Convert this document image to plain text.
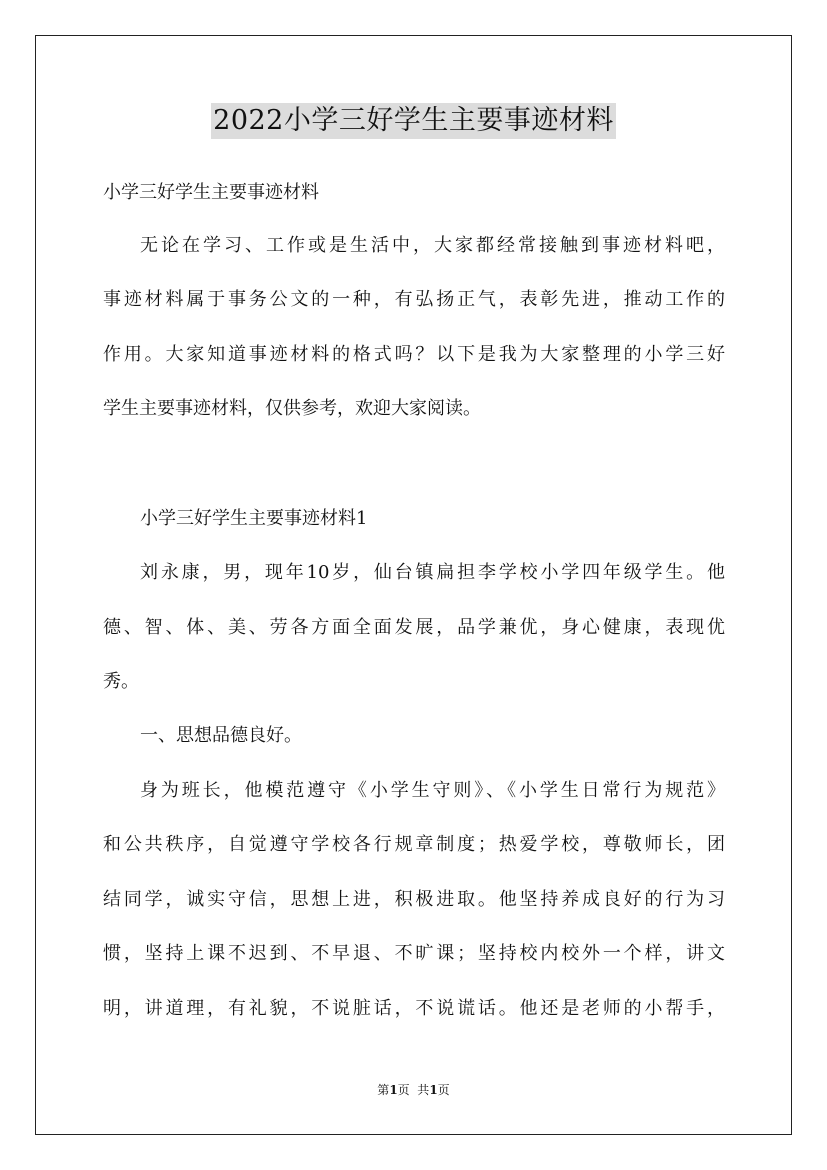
2022小学三好学生主要事迹材料
小学三好学生主要事迹材料
无论在学习、工作或是生活中，大家都经常接触到事迹材料吧，
事迹材料属于事务公文的一种，有弘扬正气，表彰先进，推动工作的
作用。大家知道事迹材料的格式吗？以下是我为大家整理的小学三好
学生主要事迹材料，仅供参考，欢迎大家阅读。
小学三好学生主要事迹材料1
刘永康，男，现年10岁，仙台镇扁担李学校小学四年级学生。他
德、智、体、美、劳各方面全面发展，品学兼优，身心健康，表现优
秀。
一、思想品德良好。
身为班长，他模范遵守《小学生守则》、《小学生日常行为规范》
和公共秩序，自觉遵守学校各行规章制度；热爱学校，尊敬师长，团
结同学，诚实守信，思想上进，积极进取。他坚持养成良好的行为习
惯，坚持上课不迟到、不早退、不旷课；坚持校内校外一个样，讲文
明，讲道理，有礼貌，不说脏话，不说谎话。他还是老师的小帮手，
第1页  共1页
